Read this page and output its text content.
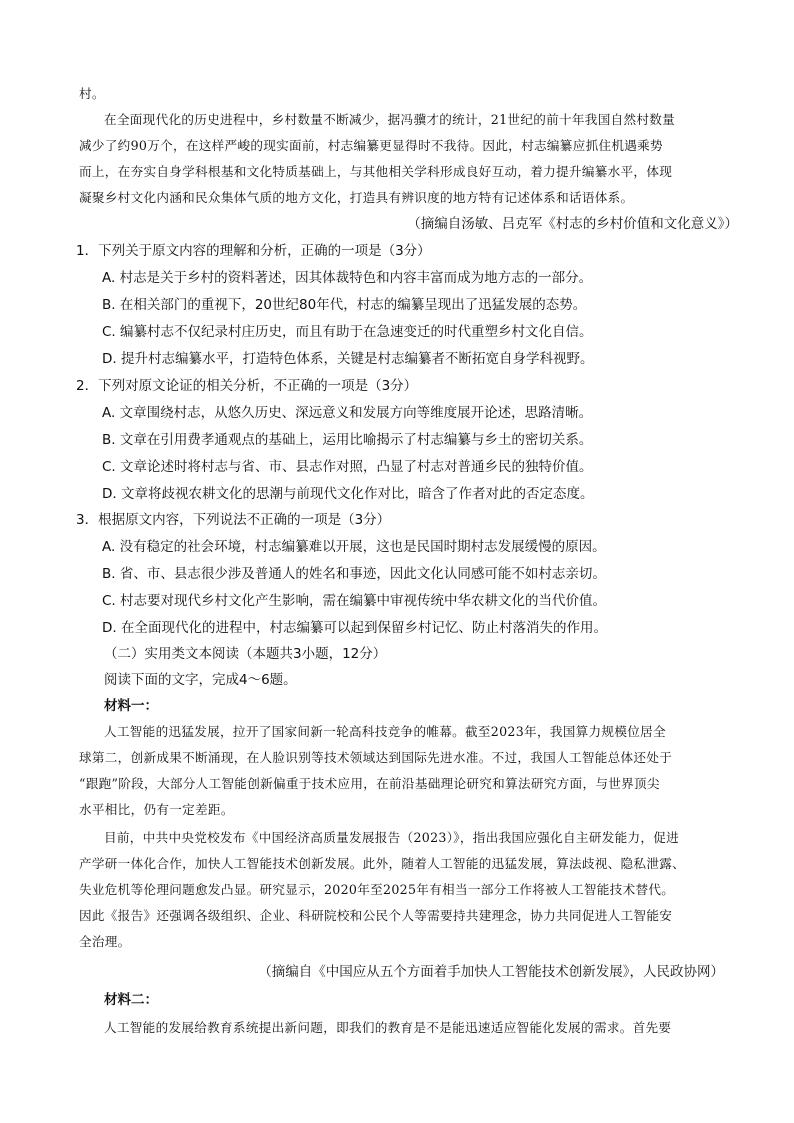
村。
在全面现代化的历史进程中，乡村数量不断减少，据冯骥才的统计，21世纪的前十年我国自然村数量
减少了约90万个，在这样严峻的现实面前，村志编纂更显得时不我待。因此，村志编纂应抓住机遇乘势
而上，在夯实自身学科根基和文化特质基础上，与其他相关学科形成良好互动，着力提升编纂水平，体现
凝聚乡村文化内涵和民众集体气质的地方文化，打造具有辨识度的地方特有记述体系和话语体系。
（摘编自汤敏、吕克军《村志的乡村价值和文化意义》）
1．下列关于原文内容的理解和分析，正确的一项是（3分）
A. 村志是关于乡村的资料著述，因其体裁特色和内容丰富而成为地方志的一部分。
B. 在相关部门的重视下，20世纪80年代，村志的编纂呈现出了迅猛发展的态势。
C. 编纂村志不仅纪录村庄历史，而且有助于在急速变迁的时代重塑乡村文化自信。
D. 提升村志编纂水平，打造特色体系，关键是村志编纂者不断拓宽自身学科视野。
2．下列对原文论证的相关分析，不正确的一项是（3分）
A. 文章围绕村志，从悠久历史、深远意义和发展方向等维度展开论述，思路清晰。
B. 文章在引用费孝通观点的基础上，运用比喻揭示了村志编纂与乡土的密切关系。
C. 文章论述时将村志与省、市、县志作对照，凸显了村志对普通乡民的独特价值。
D. 文章将歧视农耕文化的思潮与前现代文化作对比，暗含了作者对此的否定态度。
3．根据原文内容，下列说法不正确的一项是（3分）
A. 没有稳定的社会环境，村志编纂难以开展，这也是民国时期村志发展缓慢的原因。
B. 省、市、县志很少涉及普通人的姓名和事迹，因此文化认同感可能不如村志亲切。
C. 村志要对现代乡村文化产生影响，需在编纂中审视传统中华农耕文化的当代价值。
D. 在全面现代化的进程中，村志编纂可以起到保留乡村记忆、防止村落消失的作用。
（二）实用类文本阅读（本题共3小题，12分）
阅读下面的文字，完成4～6题。
材料一：
人工智能的迅猛发展，拉开了国家间新一轮高科技竞争的帷幕。截至2023年，我国算力规模位居全
球第二，创新成果不断涌现，在人脸识别等技术领域达到国际先进水准。不过，我国人工智能总体还处于
“跟跑”阶段，大部分人工智能创新偏重于技术应用，在前沿基础理论研究和算法研究方面，与世界顶尖
水平相比，仍有一定差距。
目前，中共中央党校发布《中国经济高质量发展报告（2023）》，指出我国应强化自主研发能力，促进
产学研一体化合作，加快人工智能技术创新发展。此外，随着人工智能的迅猛发展，算法歧视、隐私泄露、
失业危机等伦理问题愈发凸显。研究显示，2020年至2025年有相当一部分工作将被人工智能技术替代。
因此《报告》还强调各级组织、企业、科研院校和公民个人等需要持共建理念，协力共同促进人工智能安
全治理。
（摘编自《中国应从五个方面着手加快人工智能技术创新发展》，人民政协网）
材料二：
人工智能的发展给教育系统提出新问题，即我们的教育是不是能迅速适应智能化发展的需求。首先要
